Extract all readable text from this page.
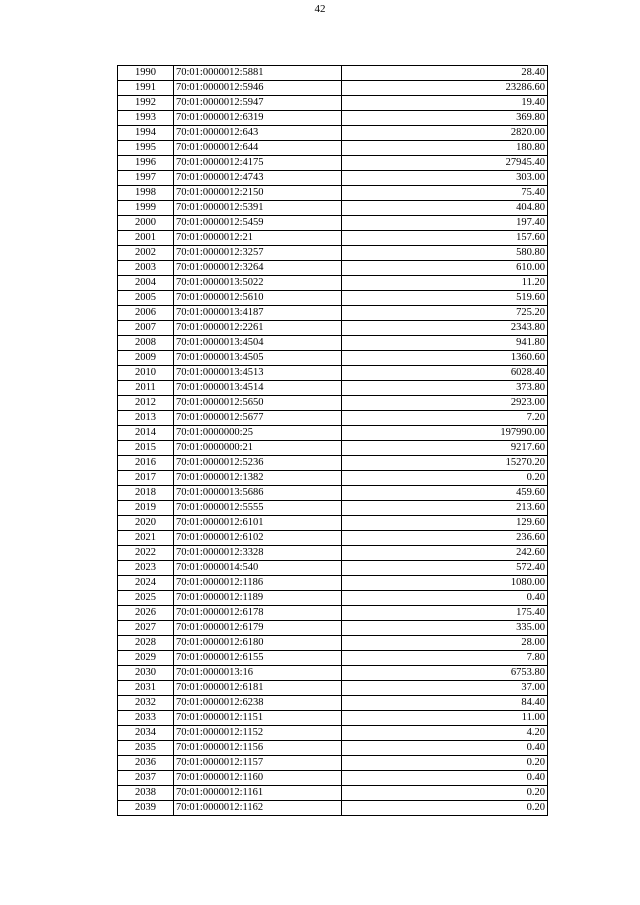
42
1990	70:01:0000012:5881	28.40
1991	70:01:0000012:5946	23286.60
1992	70:01:0000012:5947	19.40
1993	70:01:0000012:6319	369.80
1994	70:01:0000012:643	2820.00
1995	70:01:0000012:644	180.80
1996	70:01:0000012:4175	27945.40
1997	70:01:0000012:4743	303.00
1998	70:01:0000012:2150	75.40
1999	70:01:0000012:5391	404.80
2000	70:01:0000012:5459	197.40
2001	70:01:0000012:21	157.60
2002	70:01:0000012:3257	580.80
2003	70:01:0000012:3264	610.00
2004	70:01:0000013:5022	11.20
2005	70:01:0000012:5610	519.60
2006	70:01:0000013:4187	725.20
2007	70:01:0000012:2261	2343.80
2008	70:01:0000013:4504	941.80
2009	70:01:0000013:4505	1360.60
2010	70:01:0000013:4513	6028.40
2011	70:01:0000013:4514	373.80
2012	70:01:0000012:5650	2923.00
2013	70:01:0000012:5677	7.20
2014	70:01:0000000:25	197990.00
2015	70:01:0000000:21	9217.60
2016	70:01:0000012:5236	15270.20
2017	70:01:0000012:1382	0.20
2018	70:01:0000013:5686	459.60
2019	70:01:0000012:5555	213.60
2020	70:01:0000012:6101	129.60
2021	70:01:0000012:6102	236.60
2022	70:01:0000012:3328	242.60
2023	70:01:0000014:540	572.40
2024	70:01:0000012:1186	1080.00
2025	70:01:0000012:1189	0.40
2026	70:01:0000012:6178	175.40
2027	70:01:0000012:6179	335.00
2028	70:01:0000012:6180	28.00
2029	70:01:0000012:6155	7.80
2030	70:01:0000013:16	6753.80
2031	70:01:0000012:6181	37.00
2032	70:01:0000012:6238	84.40
2033	70:01:0000012:1151	11.00
2034	70:01:0000012:1152	4.20
2035	70:01:0000012:1156	0.40
2036	70:01:0000012:1157	0.20
2037	70:01:0000012:1160	0.40
2038	70:01:0000012:1161	0.20
2039	70:01:0000012:1162	0.20
